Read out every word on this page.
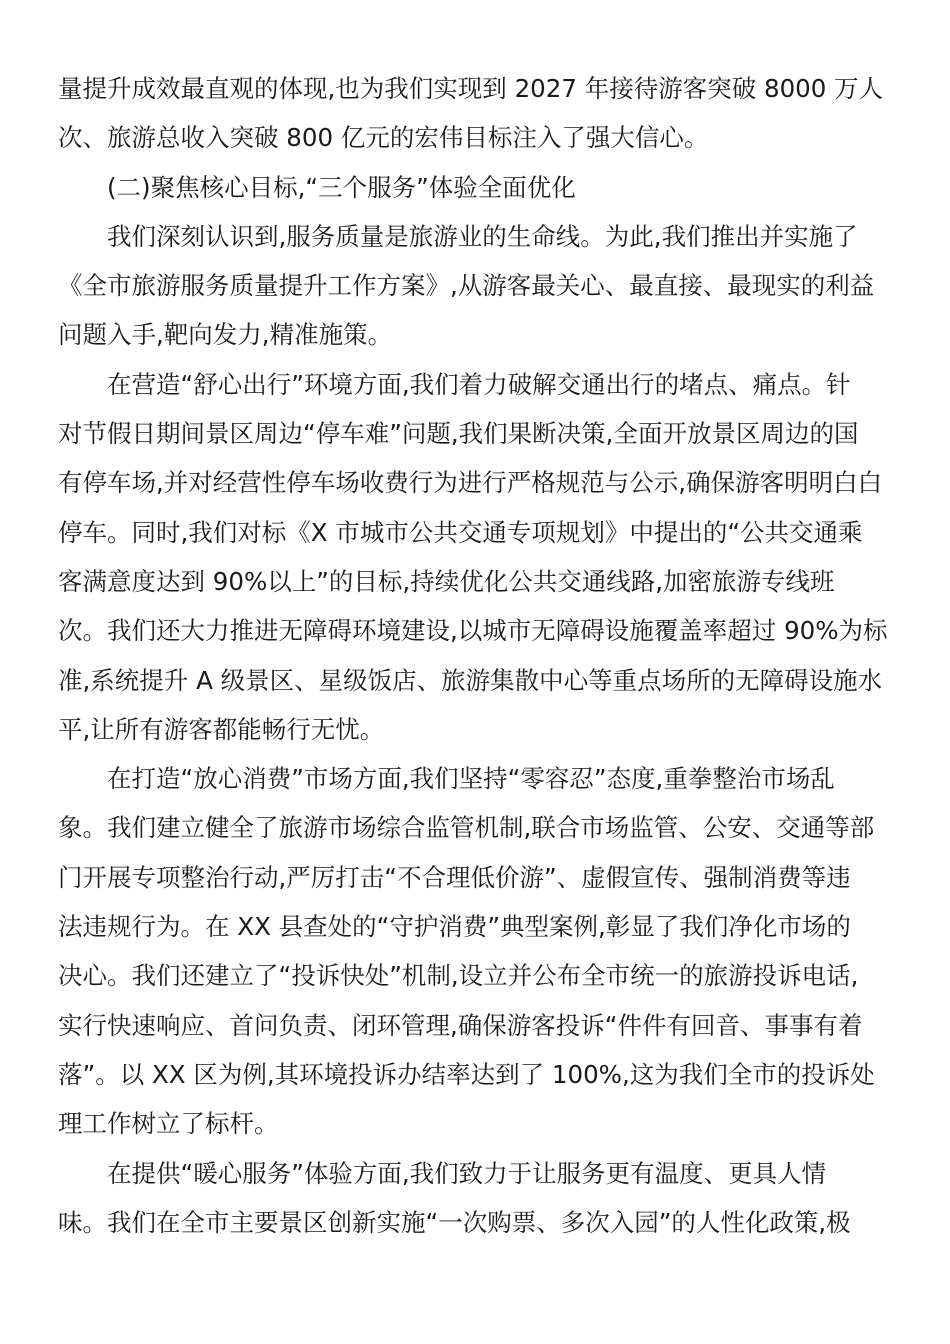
量提升成效最直观的体现,也为我们实现到 2027 年接待游客突破 8000 万人
次、旅游总收入突破 800 亿元的宏伟目标注入了强大信心。
(二)聚焦核心目标,“三个服务”体验全面优化
我们深刻认识到,服务质量是旅游业的生命线。为此,我们推出并实施了
《全市旅游服务质量提升工作方案》,从游客最关心、最直接、最现实的利益
问题入手,靶向发力,精准施策。
在营造“舒心出行”环境方面,我们着力破解交通出行的堵点、痛点。针
对节假日期间景区周边“停车难”问题,我们果断决策,全面开放景区周边的国
有停车场,并对经营性停车场收费行为进行严格规范与公示,确保游客明明白白
停车。同时,我们对标《X 市城市公共交通专项规划》中提出的“公共交通乘
客满意度达到 90%以上”的目标,持续优化公共交通线路,加密旅游专线班
次。我们还大力推进无障碍环境建设,以城市无障碍设施覆盖率超过 90%为标
准,系统提升 A 级景区、星级饭店、旅游集散中心等重点场所的无障碍设施水
平,让所有游客都能畅行无忧。
在打造“放心消费”市场方面,我们坚持“零容忍”态度,重拳整治市场乱
象。我们建立健全了旅游市场综合监管机制,联合市场监管、公安、交通等部
门开展专项整治行动,严厉打击“不合理低价游”、虚假宣传、强制消费等违
法违规行为。在 XX 县查处的“守护消费”典型案例,彰显了我们净化市场的
决心。我们还建立了“投诉快处”机制,设立并公布全市统一的旅游投诉电话,
实行快速响应、首问负责、闭环管理,确保游客投诉“件件有回音、事事有着
落”。以 XX 区为例,其环境投诉办结率达到了 100%,这为我们全市的投诉处
理工作树立了标杆。
在提供“暖心服务”体验方面,我们致力于让服务更有温度、更具人情
味。我们在全市主要景区创新实施“一次购票、多次入园”的人性化政策,极
